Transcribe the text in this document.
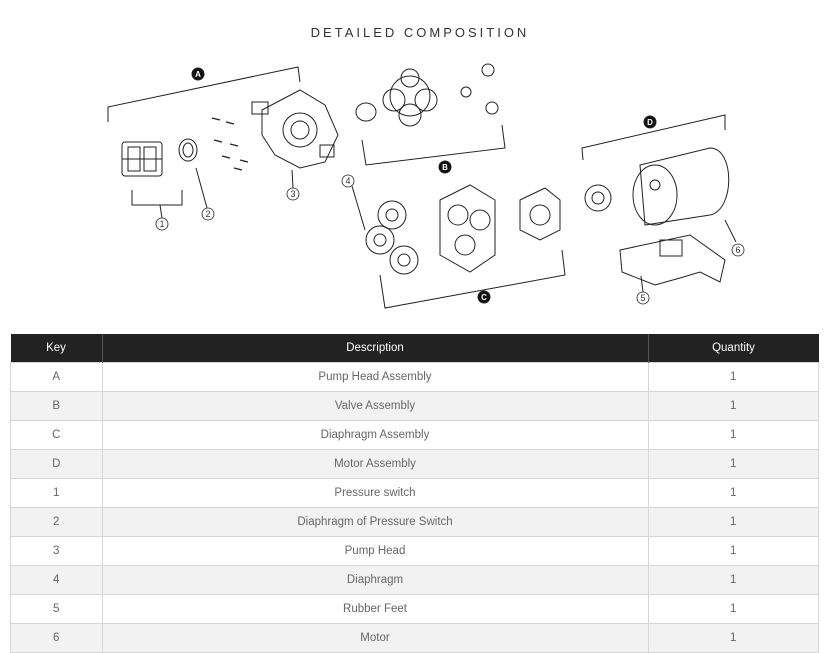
DETAILED COMPOSITION
A
1
2
3
B
4
C
D
6
5
Key	Description	Quantity
A	Pump Head Assembly	1
B	Valve Assembly	1
C	Diaphragm Assembly	1
D	Motor Assembly	1
1	Pressure switch	1
2	Diaphragm of Pressure Switch	1
3	Pump Head	1
4	Diaphragm	1
5	Rubber Feet	1
6	Motor	1
